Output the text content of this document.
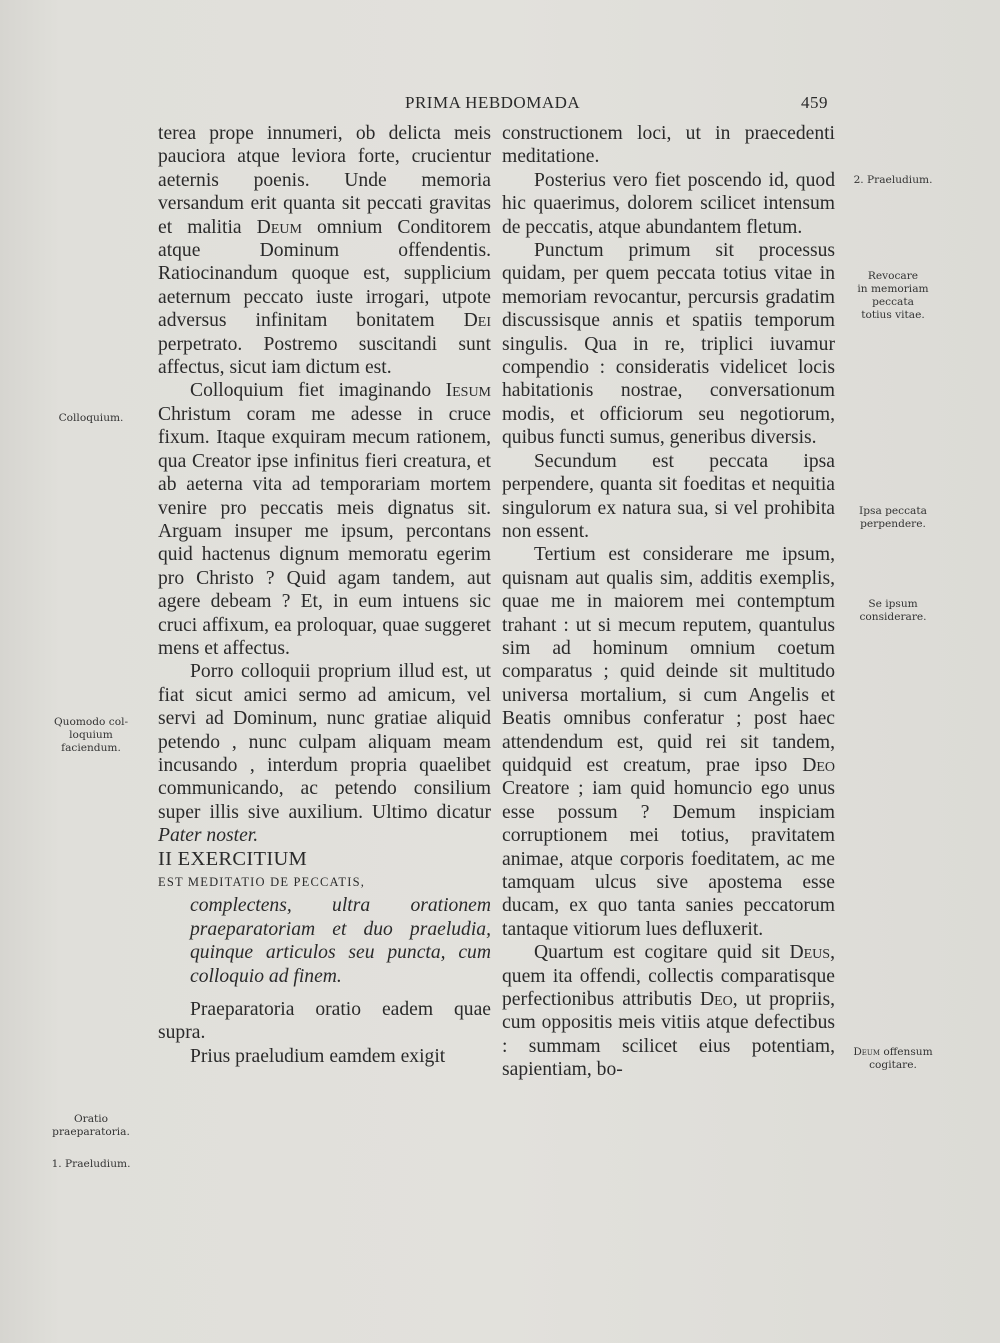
PRIMA HEBDOMADA	459

terea prope innumeri, ob delicta meis pauciora atque leviora forte, crucientur aeternis poenis. Unde memoria versandum erit quanta sit peccati gravitas et malitia Deum omnium Conditorem atque Dominum offendentis. Ratiocinandum quoque est, supplicium aeternum peccato iuste irrogari, utpote adversus infinitam bonitatem Dei perpetrato. Postremo suscitandi sunt affectus, sicut iam dictum est.

Colloquium fiet imaginando Iesum Christum coram me adesse in cruce fixum. Itaque exquiram mecum rationem, qua Creator ipse infinitus fieri creatura, et ab aeterna vita ad temporariam mortem venire pro peccatis meis dignatus sit. Arguam insuper me ipsum, percontans quid hactenus dignum memoratu egerim pro Christo ? Quid agam tandem, aut agere debeam ? Et, in eum intuens sic cruci affixum, ea proloquar, quae suggeret mens et affectus.

Porro colloquii proprium illud est, ut fiat sicut amici sermo ad amicum, vel servi ad Dominum, nunc gratiae aliquid petendo , nunc culpam aliquam meam incusando , interdum propria quaelibet communicando, ac petendo consilium super illis sive auxilium. Ultimo dicatur Pater noster.

II EXERCITIUM

EST MEDITATIO DE PECCATIS,

complectens, ultra orationem praeparatoriam et duo praeludia, quinque articulos seu puncta, cum colloquio ad finem.

Praeparatoria oratio eadem quae supra.

Prius praeludium eamdem exigit

constructionem loci, ut in praecedenti meditatione.

Posterius vero fiet poscendo id, quod hic quaerimus, dolorem scilicet intensum de peccatis, atque abundantem fletum.

Punctum primum sit processus quidam, per quem peccata totius vitae in memoriam revocantur, percursis gradatim discussisque annis et spatiis temporum singulis. Qua in re, triplici iuvamur compendio : consideratis videlicet locis habitationis nostrae, conversationum modis, et officiorum seu negotiorum, quibus functi sumus, generibus diversis.

Secundum est peccata ipsa perpendere, quanta sit foeditas et nequitia singulorum ex natura sua, si vel prohibita non essent.

Tertium est considerare me ipsum, quisnam aut qualis sim, additis exemplis, quae me in maiorem mei contemptum trahant : ut si mecum reputem, quantulus sim ad hominum omnium coetum comparatus ; quid deinde sit multitudo universa mortalium, si cum Angelis et Beatis omnibus conferatur ; post haec attendendum est, quid rei sit tandem, quidquid est creatum, prae ipso Deo Creatore ; iam quid homuncio ego unus esse possum ? Demum inspiciam corruptionem mei totius, pravitatem animae, atque corporis foeditatem, ac me tamquam ulcus sive apostema esse ducam, ex quo tanta sanies peccatorum tantaque vitiorum lues defluxerit.

Quartum est cogitare quid sit Deus, quem ita offendi, collectis comparatisque perfectionibus attributis Deo, ut propriis, cum oppositis meis vitiis atque defectibus : summam scilicet eius potentiam, sapientiam, bo-

Colloquium.
Quomodo col-
loquium
faciendum.
Oratio
praeparatoria.
1. Praeludium.
2. Praeludium.
Revocare
in memoriam
peccata
totius vitae.
Ipsa peccata
perpendere.
Se ipsum
considerare.
Deum offensum
cogitare.
